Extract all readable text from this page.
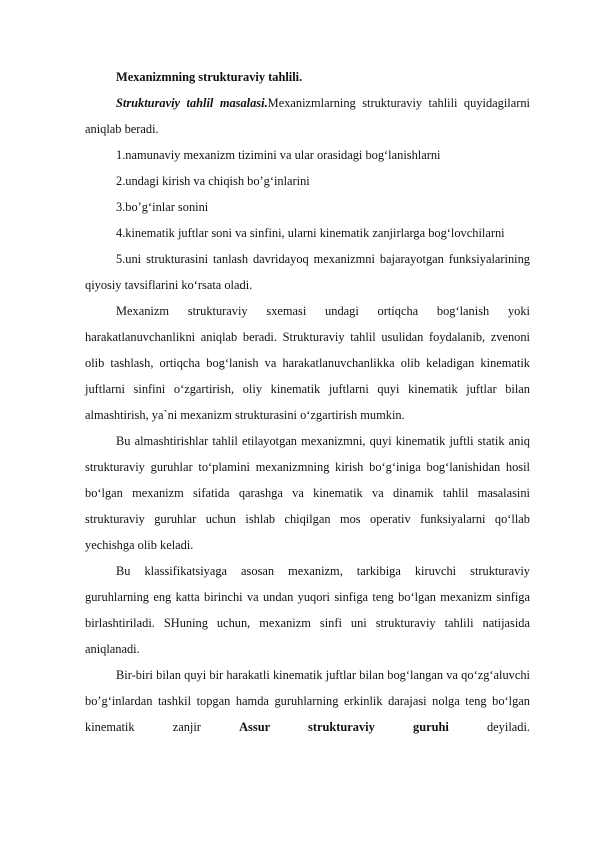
Mexanizmning strukturaviy tahlili.

Strukturaviy tahlil masalasi.Mexanizmlarning strukturaviy tahlili quyidagilarni aniqlab beradi.

1.namunaviy mexanizm tizimini va ular orasidagi bog‘lanishlarni

2.undagi kirish va chiqish bo’g‘inlarini

3.bo’g‘inlar sonini

4.kinematik juftlar soni va sinfini, ularni kinematik zanjirlarga bog‘lovchilarni

5.uni strukturasini tanlash davridayoq mexanizmni bajarayotgan funksiyalarining qiyosiy tavsiflarini ko‘rsata oladi.

Mexanizm strukturaviy sxemasi undagi ortiqcha bog‘lanish yoki harakatlanuvchanlikni aniqlab beradi. Strukturaviy tahlil usulidan foydalanib, zvenoni olib tashlash, ortiqcha bog‘lanish va harakatlanuvchanlikka olib keladigan kinematik juftlarni sinfini o‘zgartirish, oliy kinematik juftlarni quyi kinematik juftlar bilan almashtirish, ya`ni mexanizm strukturasini o‘zgartirish mumkin.

Bu almashtirishlar tahlil etilayotgan mexanizmni, quyi kinematik juftli statik aniq strukturaviy guruhlar to‘plamini mexanizmning kirish bo‘g‘iniga bog‘lanishidan hosil bo‘lgan mexanizm sifatida qarashga va kinematik va dinamik tahlil masalasini strukturaviy guruhlar uchun ishlab chiqilgan mos operativ funksiyalarni qo‘llab yechishga olib keladi.

Bu klassifikatsiyaga asosan mexanizm, tarkibiga kiruvchi strukturaviy guruhlarning eng katta birinchi va undan yuqori sinfiga teng bo‘lgan mexanizm sinfiga birlashtiriladi. SHuning uchun, mexanizm sinfi uni strukturaviy tahlili natijasida aniqlanadi.

Bir-biri bilan quyi bir harakatli kinematik juftlar bilan bog‘langan va qo‘zg‘aluvchi bo’g‘inlardan tashkil topgan hamda guruhlarning erkinlik darajasi nolga teng bo‘lgan kinematik zanjir Assur strukturaviy guruhi deyiladi.
